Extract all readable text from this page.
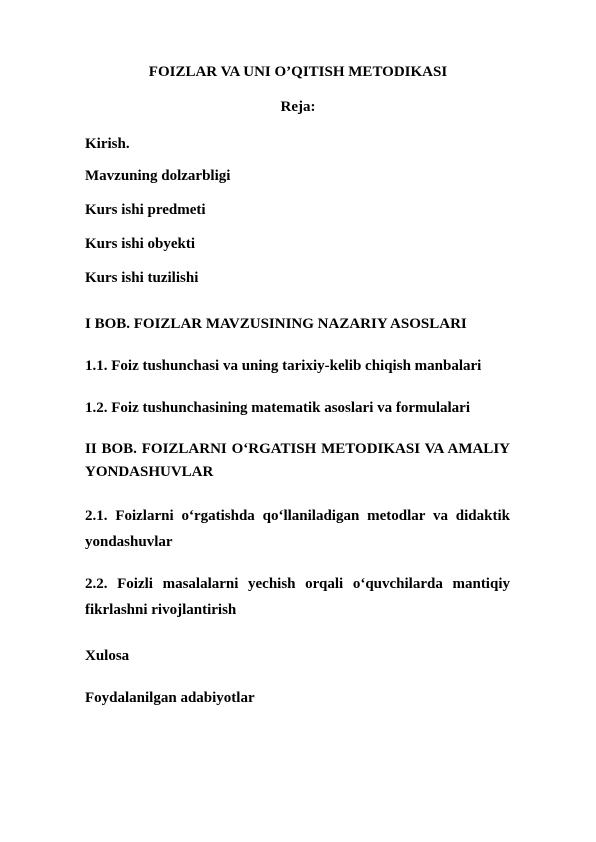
FOIZLAR VA UNI O’QITISH METODIKASI
Reja:
Kirish.
Mavzuning dolzarbligi
Kurs ishi predmeti
Kurs ishi obyekti
Kurs ishi tuzilishi
I BOB. FOIZLAR MAVZUSINING NAZARIY ASOSLARI
1.1. Foiz tushunchasi va uning tarixiy-kelib chiqish manbalari
1.2. Foiz tushunchasining matematik asoslari va formulalari
II BOB. FOIZLARNI O‘RGATISH METODIKASI VA AMALIY
YONDASHUVLAR
2.1. Foizlarni o‘rgatishda qo‘llaniladigan metodlar va didaktik
yondashuvlar
2.2. Foizli masalalarni yechish orqali o‘quvchilarda mantiqiy
fikrlashni rivojlantirish
Xulosa
Foydalanilgan adabiyotlar
